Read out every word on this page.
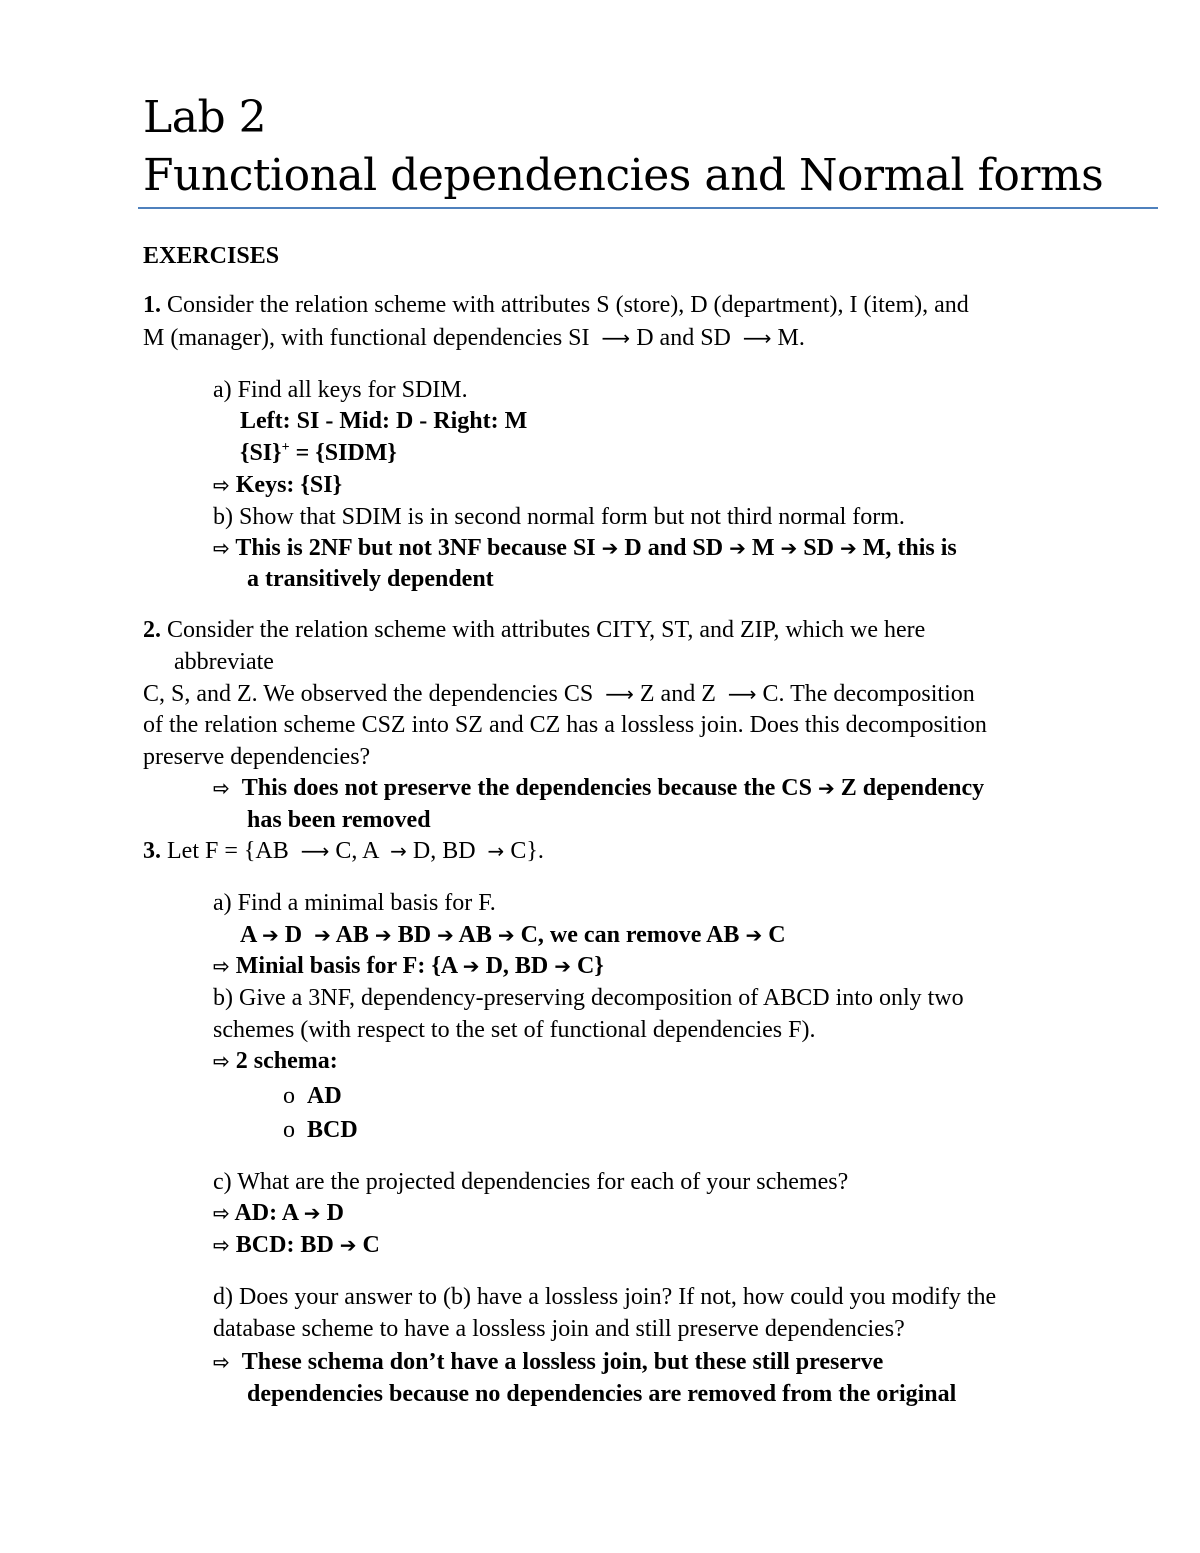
Lab 2
Functional dependencies and Normal forms
EXERCISES
1. Consider the relation scheme with attributes S (store), D (department), I (item), and
M (manager), with functional dependencies SI ⟶ D and SD ⟶ M.
a) Find all keys for SDIM.
Left: SI - Mid: D - Right: M
{SI}+ = {SIDM}
⇨ Keys: {SI}
b) Show that SDIM is in second normal form but not third normal form.
⇨ This is 2NF but not 3NF because SI ➔ D and SD ➔ M ➔ SD ➔ M, this is
a transitively dependent
2. Consider the relation scheme with attributes CITY, ST, and ZIP, which we here
abbreviate
C, S, and Z. We observed the dependencies CS ⟶ Z and Z ⟶ C. The decomposition
of the relation scheme CSZ into SZ and CZ has a lossless join. Does this decomposition
preserve dependencies?
⇨ This does not preserve the dependencies because the CS ➔ Z dependency
has been removed
3. Let F = {AB ⟶ C, A → D, BD → C}.
a) Find a minimal basis for F.
A ➔ D ➔ AB ➔ BD ➔ AB ➔ C, we can remove AB ➔ C
⇨ Minial basis for F: {A ➔ D, BD ➔ C}
b) Give a 3NF, dependency-preserving decomposition of ABCD into only two
schemes (with respect to the set of functional dependencies F).
⇨ 2 schema:
o AD
o BCD
c) What are the projected dependencies for each of your schemes?
⇨ AD: A ➔ D
⇨ BCD: BD ➔ C
d) Does your answer to (b) have a lossless join? If not, how could you modify the
database scheme to have a lossless join and still preserve dependencies?
⇨ These schema don’t have a lossless join, but these still preserve
dependencies because no dependencies are removed from the original
